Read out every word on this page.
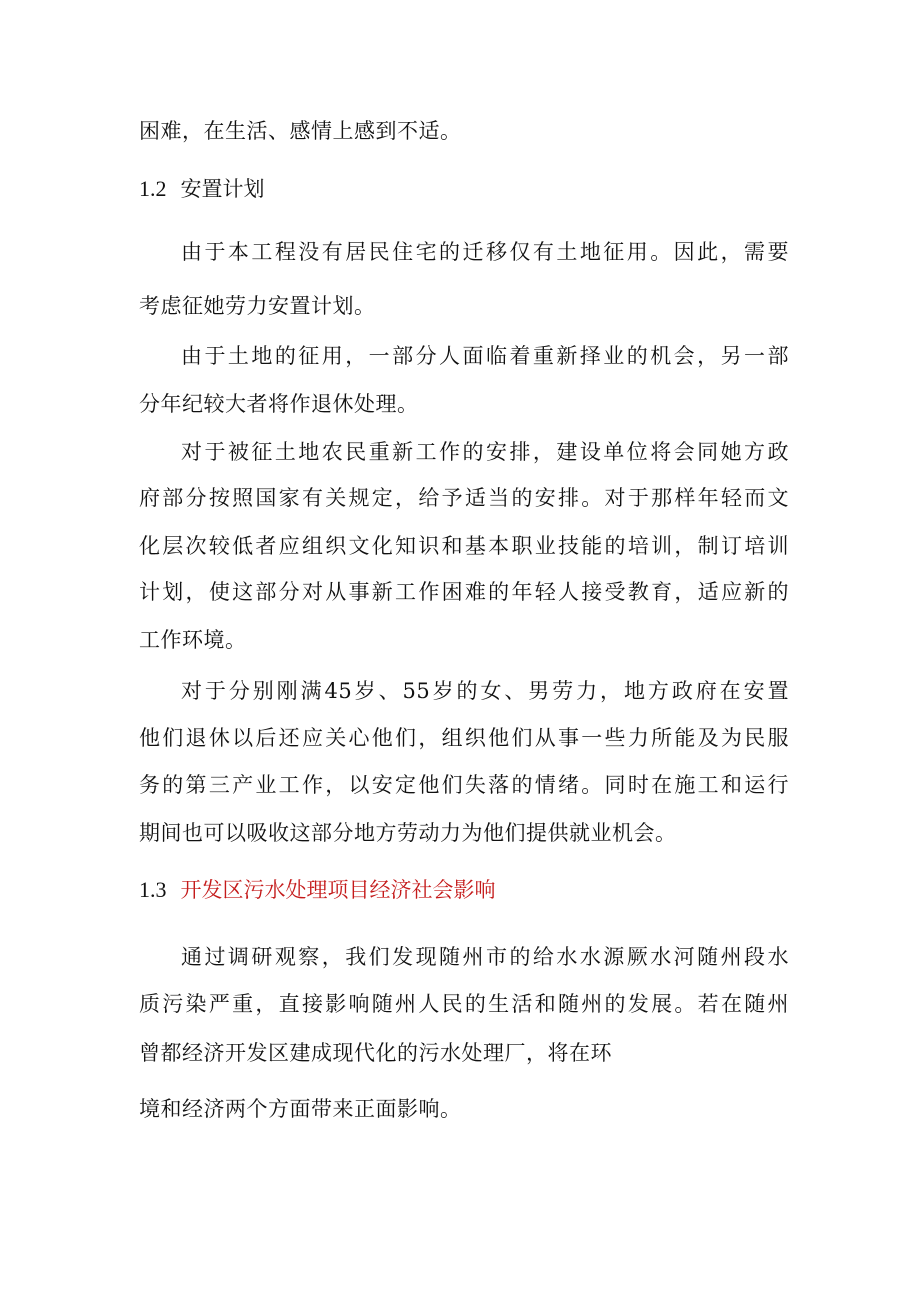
困难，在生活、感情上感到不适。
1.2 安置计划
由于本工程没有居民住宅的迁移仅有土地征用。因此，需要
考虑征她劳力安置计划。
由于土地的征用，一部分人面临着重新择业的机会，另一部
分年纪较大者将作退休处理。
对于被征土地农民重新工作的安排，建设单位将会同她方政
府部分按照国家有关规定，给予适当的安排。对于那样年轻而文
化层次较低者应组织文化知识和基本职业技能的培训，制订培训
计划，使这部分对从事新工作困难的年轻人接受教育，适应新的
工作环境。
对于分别刚满45岁、55岁的女、男劳力，地方政府在安置
他们退休以后还应关心他们，组织他们从事一些力所能及为民服
务的第三产业工作，以安定他们失落的情绪。同时在施工和运行
期间也可以吸收这部分地方劳动力为他们提供就业机会。
1.3 开发区污水处理项目经济社会影响
通过调研观察，我们发现随州市的给水水源厥水河随州段水
质污染严重，直接影响随州人民的生活和随州的发展。若在随州
曾都经济开发区建成现代化的污水处理厂，将在环
境和经济两个方面带来正面影响。
